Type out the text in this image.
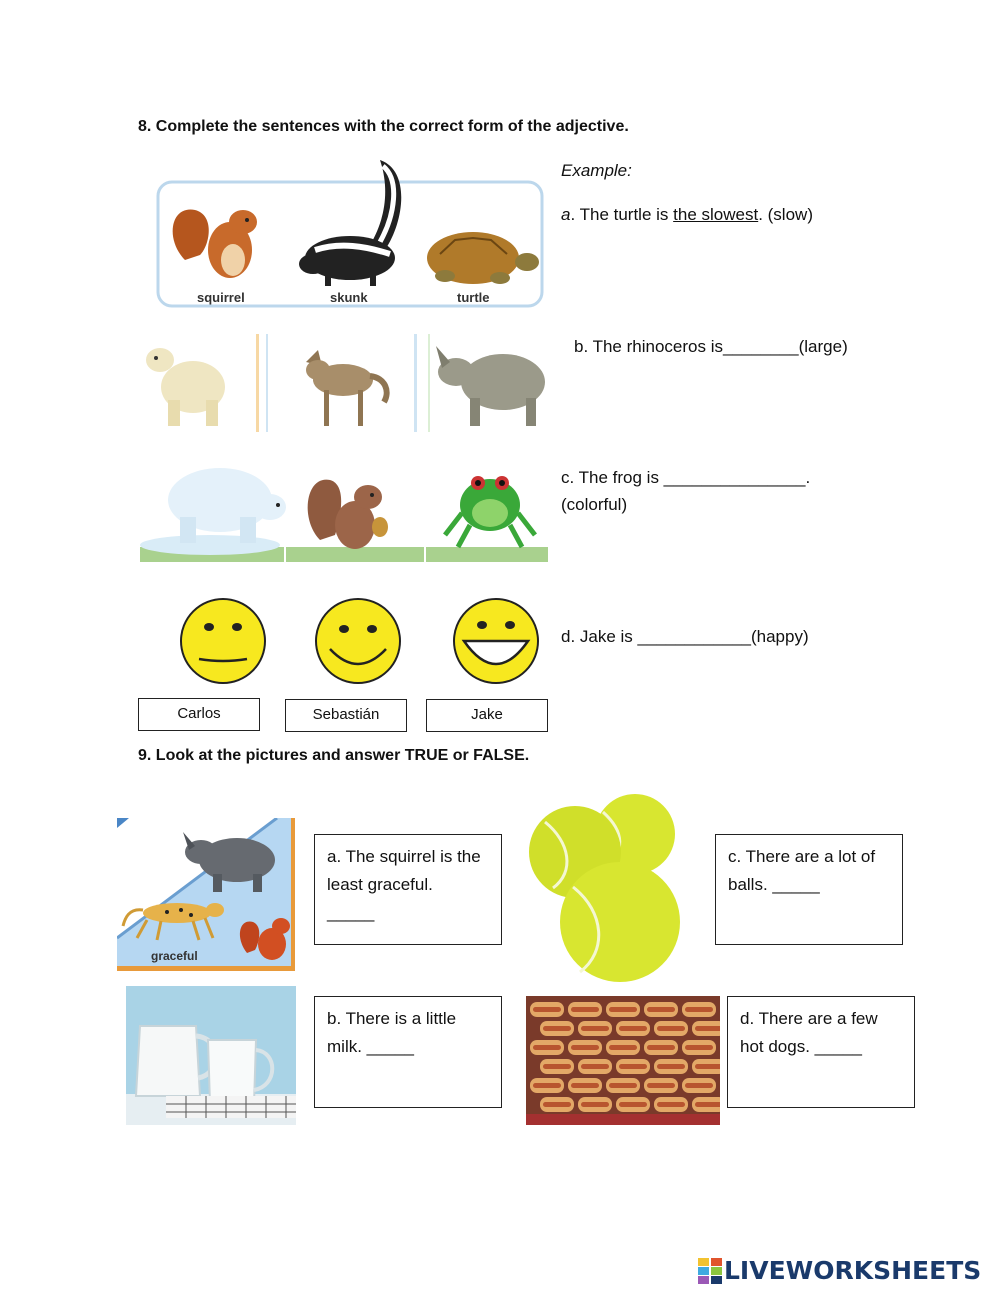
8. Complete the sentences with the correct form of the adjective.
squirrel	skunk	turtle
Example:
a. The turtle is the slowest. (slow)
b. The rhinoceros is________(large)
c. The frog is _______________.
(colorful)
d. Jake is ____________(happy)
Carlos	Sebastián	Jake
9. Look at the pictures and answer TRUE or FALSE.
graceful
a. The squirrel is the
least graceful.
_____
c. There are a lot of
balls. _____
b. There is a little
milk. _____
d. There are a few
hot dogs. _____
LIVEWORKSHEETS
